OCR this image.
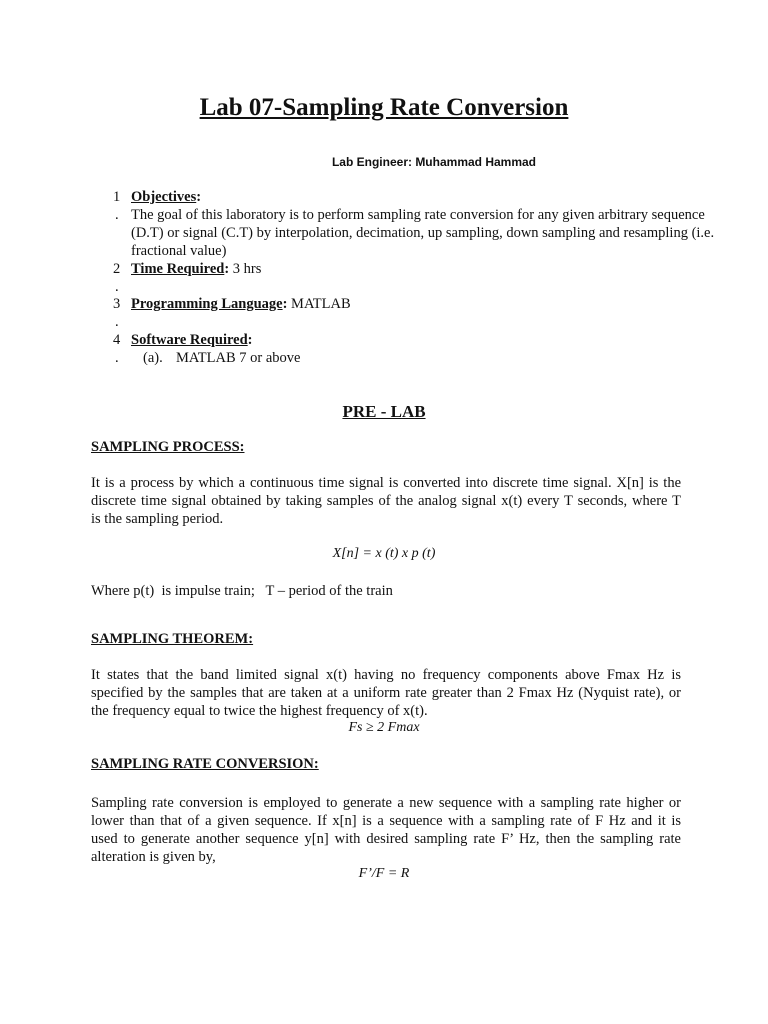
Lab 07-Sampling Rate Conversion
Lab Engineer: Muhammad Hammad
1 Objectives:
. The goal of this laboratory is to perform sampling rate conversion for any given arbitrary sequence
(D.T) or signal (C.T) by interpolation, decimation, up sampling, down sampling and resampling (i.e.
fractional value)
2 Time Required: 3 hrs
.
3 Programming Language: MATLAB
.
4 Software Required:
. (a). MATLAB 7 or above
PRE - LAB
SAMPLING PROCESS:
It is a process by which a continuous time signal is converted into discrete time signal. X[n] is the
discrete time signal obtained by taking samples of the analog signal x(t) every T seconds, where T
is the sampling period.
X[n] = x (t) x p (t)
Where p(t)  is impulse train;   T – period of the train
SAMPLING THEOREM:
It states that the band limited signal x(t) having no frequency components above Fmax Hz is
specified by the samples that are taken at a uniform rate greater than 2 Fmax Hz (Nyquist rate), or
the frequency equal to twice the highest frequency of x(t).
Fs ≥ 2 Fmax
SAMPLING RATE CONVERSION:
Sampling rate conversion is employed to generate a new sequence with a sampling rate higher or
lower than that of a given sequence. If x[n] is a sequence with a sampling rate of F Hz and it is
used to generate another sequence y[n] with desired sampling rate F’ Hz, then the sampling rate
alteration is given by,
F’/F = R
